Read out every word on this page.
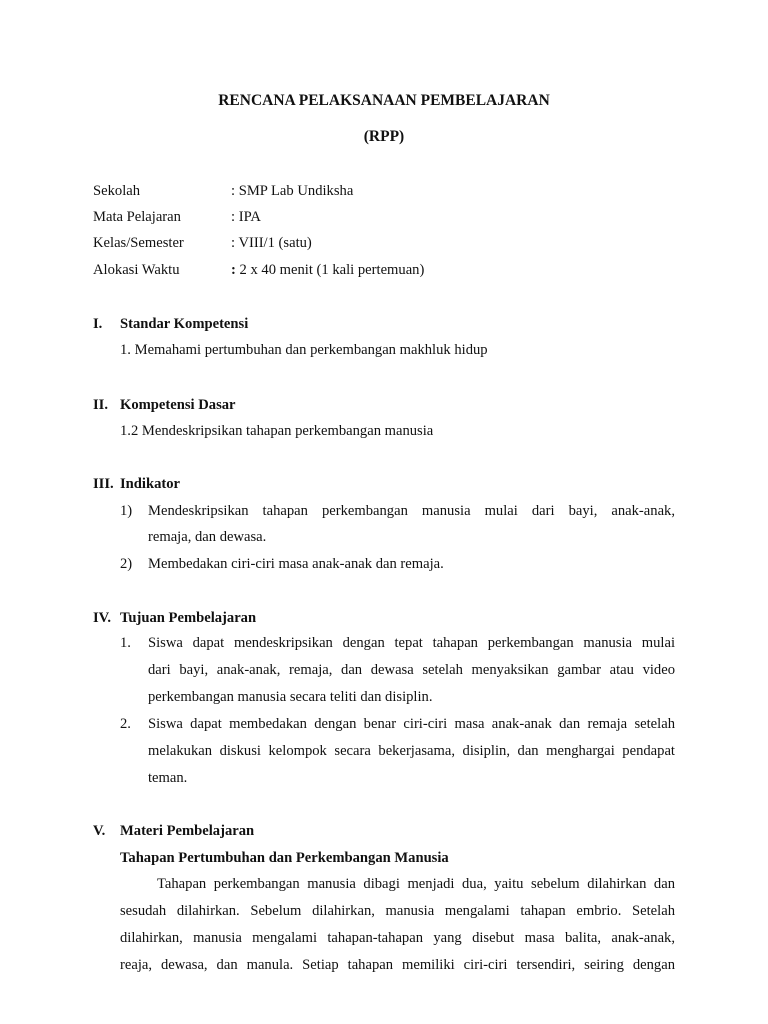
RENCANA PELAKSANAAN PEMBELAJARAN
(RPP)
Sekolah	: SMP Lab Undiksha
Mata Pelajaran	: IPA
Kelas/Semester	: VIII/1 (satu)
Alokasi Waktu	: 2 x 40 menit (1 kali pertemuan)
I. Standar Kompetensi
1. Memahami pertumbuhan dan perkembangan makhluk hidup
II. Kompetensi Dasar
1.2 Mendeskripsikan tahapan perkembangan manusia
III. Indikator
1) Mendeskripsikan tahapan perkembangan manusia mulai dari bayi, anak-anak,
remaja, dan dewasa.
2) Membedakan ciri-ciri masa anak-anak dan remaja.
IV. Tujuan Pembelajaran
1. Siswa dapat mendeskripsikan dengan tepat tahapan perkembangan manusia mulai
dari bayi, anak-anak, remaja, dan dewasa setelah menyaksikan gambar atau video
perkembangan manusia secara teliti dan disiplin.
2. Siswa dapat membedakan dengan benar ciri-ciri masa anak-anak dan remaja setelah
melakukan diskusi kelompok secara bekerjasama, disiplin, dan menghargai pendapat
teman.
V. Materi Pembelajaran
Tahapan Pertumbuhan dan Perkembangan Manusia
Tahapan perkembangan manusia dibagi menjadi dua, yaitu sebelum dilahirkan dan
sesudah dilahirkan. Sebelum dilahirkan, manusia mengalami tahapan embrio. Setelah
dilahirkan, manusia mengalami tahapan-tahapan yang disebut masa balita, anak-anak,
reaja, dewasa, dan manula. Setiap tahapan memiliki ciri-ciri tersendiri, seiring dengan
